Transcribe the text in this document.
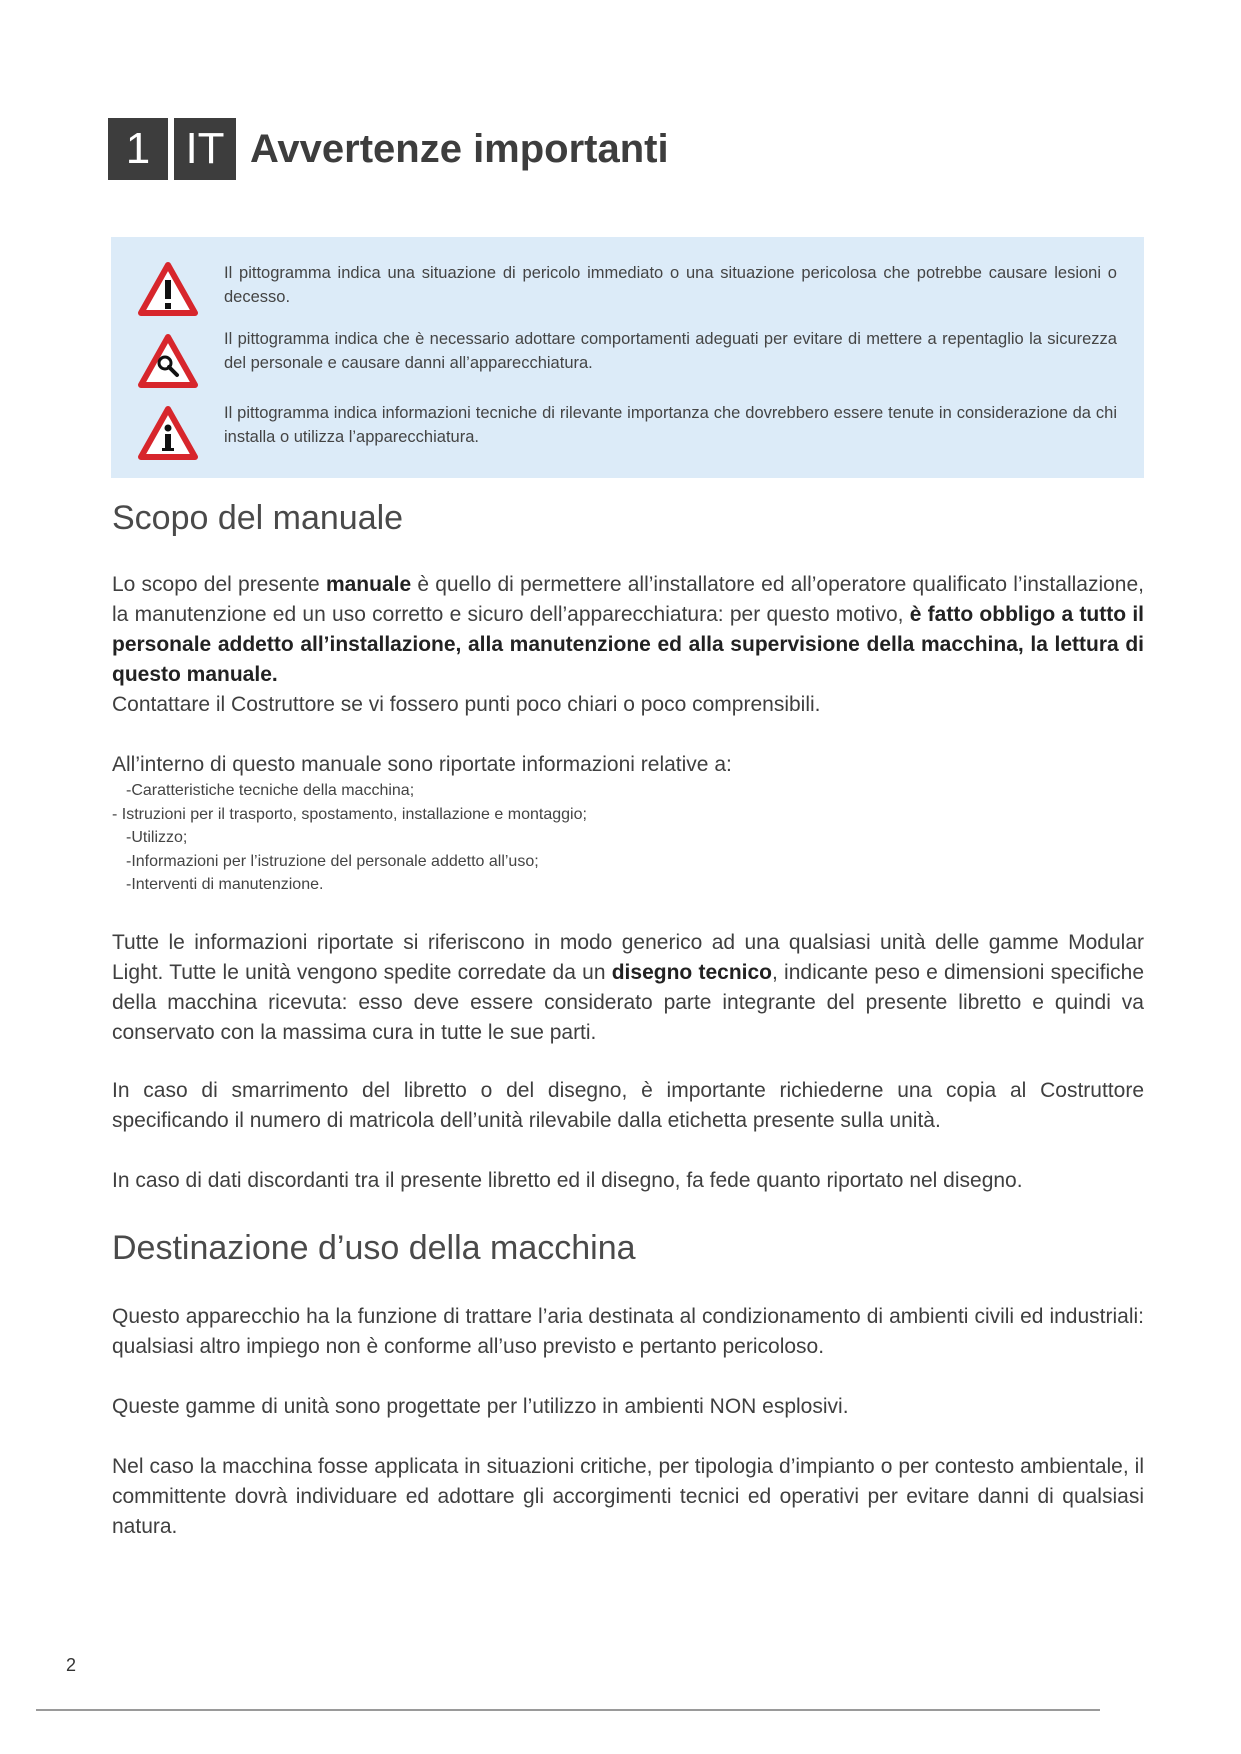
1 IT Avvertenze importanti
Il pittogramma indica una situazione di pericolo immediato o una situazione pericolosa che potrebbe causare lesioni o decesso.
Il pittogramma indica che è necessario adottare comportamenti adeguati per evitare di mettere a repentaglio la sicurezza del personale e causare danni all’apparecchiatura.
Il pittogramma indica informazioni tecniche di rilevante importanza che dovrebbero essere tenute in considerazione da chi installa o utilizza l’apparecchiatura.
Scopo del manuale
Lo scopo del presente manuale è quello di permettere all’installatore ed all’operatore qualificato l’installazione, la manutenzione ed un uso corretto e sicuro dell’apparecchiatura: per questo motivo, è fatto obbligo a tutto il personale addetto all’installazione, alla manutenzione ed alla supervisione della macchina, la lettura di questo manuale.
Contattare il Costruttore se vi fossero punti poco chiari o poco comprensibili.
All’interno di questo manuale sono riportate informazioni relative a:
-Caratteristiche tecniche della macchina;
- Istruzioni per il trasporto, spostamento, installazione e montaggio;
-Utilizzo;
-Informazioni per l’istruzione del personale addetto all’uso;
-Interventi di manutenzione.
Tutte le informazioni riportate si riferiscono in modo generico ad una qualsiasi unità delle gamme Modular Light. Tutte le unità vengono spedite corredate da un disegno tecnico, indicante peso e dimensioni specifiche della macchina ricevuta: esso deve essere considerato parte integrante del presente libretto e quindi va conservato con la massima cura in tutte le sue parti.
In caso di smarrimento del libretto o del disegno, è importante richiederne una copia al Costruttore specificando il numero di matricola dell’unità rilevabile dalla etichetta presente sulla unità.
In caso di dati discordanti tra il presente libretto ed il disegno, fa fede quanto riportato nel disegno.
Destinazione d’uso della macchina
Questo apparecchio ha la funzione di trattare l’aria destinata al condizionamento di ambienti civili ed industriali: qualsiasi altro impiego non è conforme all’uso previsto e pertanto pericoloso.
Queste gamme di unità sono progettate per l’utilizzo in ambienti NON esplosivi.
Nel caso la macchina fosse applicata in situazioni critiche, per tipologia d’impianto o per contesto ambientale, il committente dovrà individuare ed adottare gli accorgimenti tecnici ed operativi per evitare danni di qualsiasi natura.
2
